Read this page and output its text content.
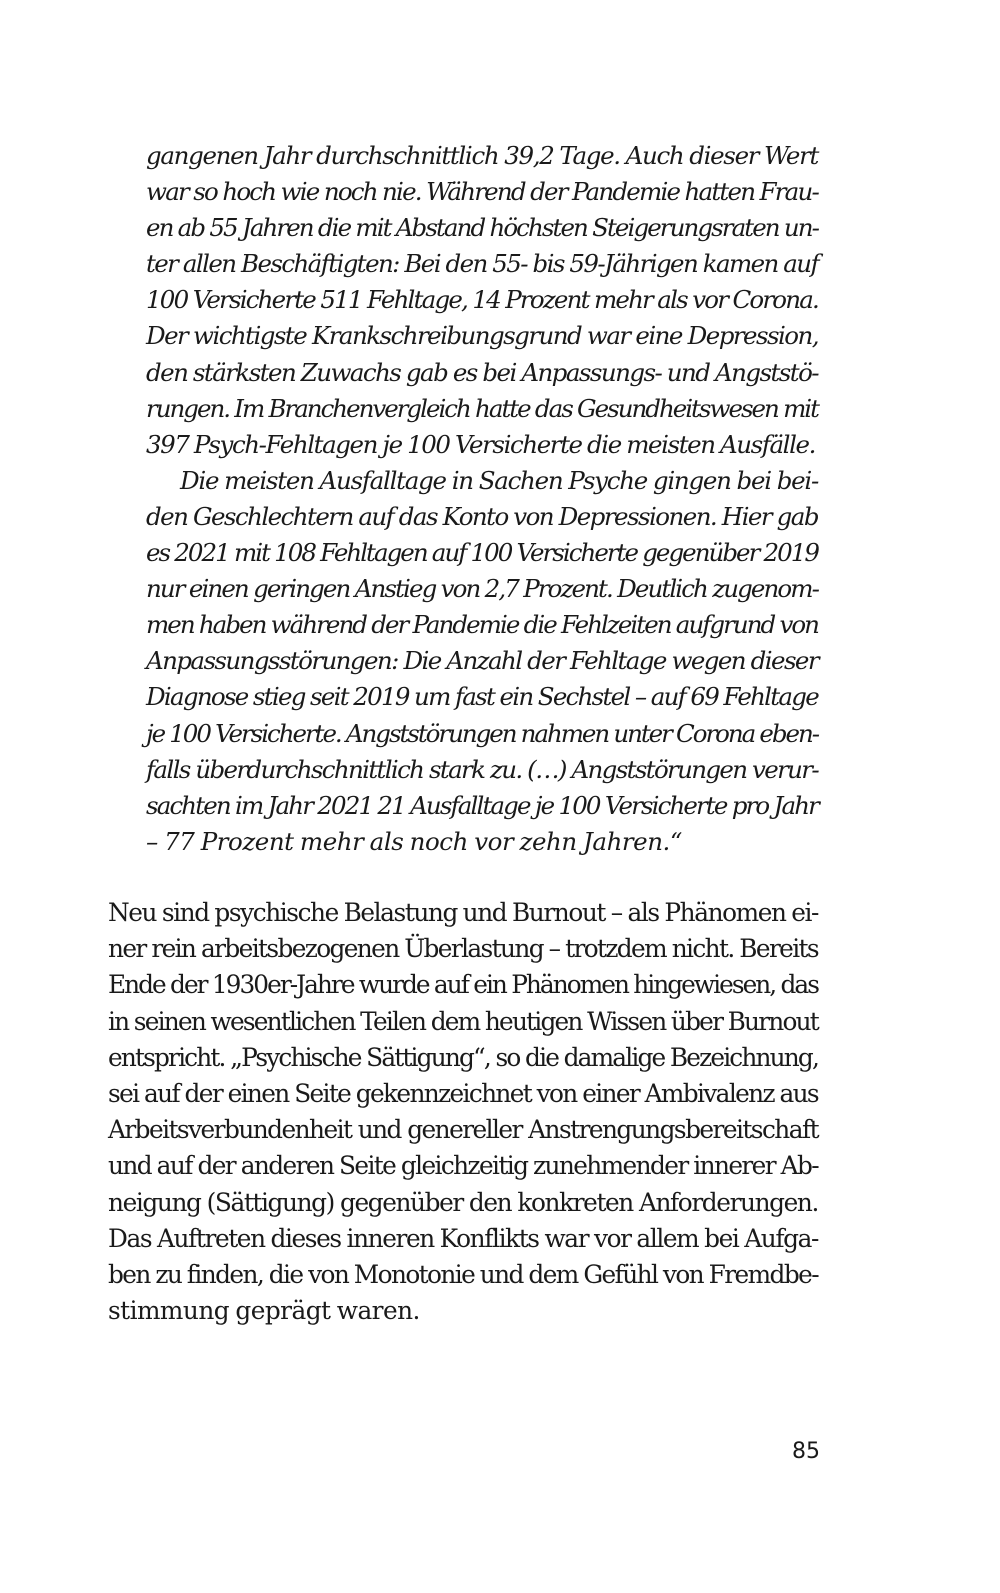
gangenen Jahr durchschnittlich 39,2 Tage. Auch dieser Wert
war so hoch wie noch nie. Während der Pandemie hatten Frau-
en ab 55 Jahren die mit Abstand höchsten Steigerungsraten un-
ter allen Beschäftigten: Bei den 55- bis 59-Jährigen kamen auf
100 Versicherte 511 Fehltage, 14 Prozent mehr als vor Corona.
Der wichtigste Krankschreibungsgrund war eine Depression,
den stärksten Zuwachs gab es bei Anpassungs- und Angststö-
rungen. Im Branchenvergleich hatte das Gesundheitswesen mit
397 Psych-Fehltagen je 100 Versicherte die meisten Ausfälle.
Die meisten Ausfalltage in Sachen Psyche gingen bei bei-
den Geschlechtern auf das Konto von Depressionen. Hier gab
es 2021 mit 108 Fehltagen auf 100 Versicherte gegenüber 2019
nur einen geringen Anstieg von 2,7 Prozent. Deutlich zugenom-
men haben während der Pandemie die Fehlzeiten aufgrund von
Anpassungsstörungen: Die Anzahl der Fehltage wegen dieser
Diagnose stieg seit 2019 um fast ein Sechstel – auf 69 Fehltage
je 100 Versicherte. Angststörungen nahmen unter Corona eben-
falls überdurchschnittlich stark zu. (…) Angststörungen verur-
sachten im Jahr 2021 21 Ausfalltage je 100 Versicherte pro Jahr
– 77 Prozent mehr als noch vor zehn Jahren.“
Neu sind psychische Belastung und Burnout – als Phänomen ei-
ner rein arbeitsbezogenen Überlastung – trotzdem nicht. Bereits
Ende der 1930er-Jahre wurde auf ein Phänomen hingewiesen, das
in seinen wesentlichen Teilen dem heutigen Wissen über Burnout
entspricht. „Psychische Sättigung“, so die damalige Bezeichnung,
sei auf der einen Seite gekennzeichnet von einer Ambivalenz aus
Arbeitsverbundenheit und genereller Anstrengungsbereitschaft
und auf der anderen Seite gleichzeitig zunehmender innerer Ab-
neigung (Sättigung) gegenüber den konkreten Anforderungen.
Das Auftreten dieses inneren Konflikts war vor allem bei Aufga-
ben zu finden, die von Monotonie und dem Gefühl von Fremdbe-
stimmung geprägt waren.
85
